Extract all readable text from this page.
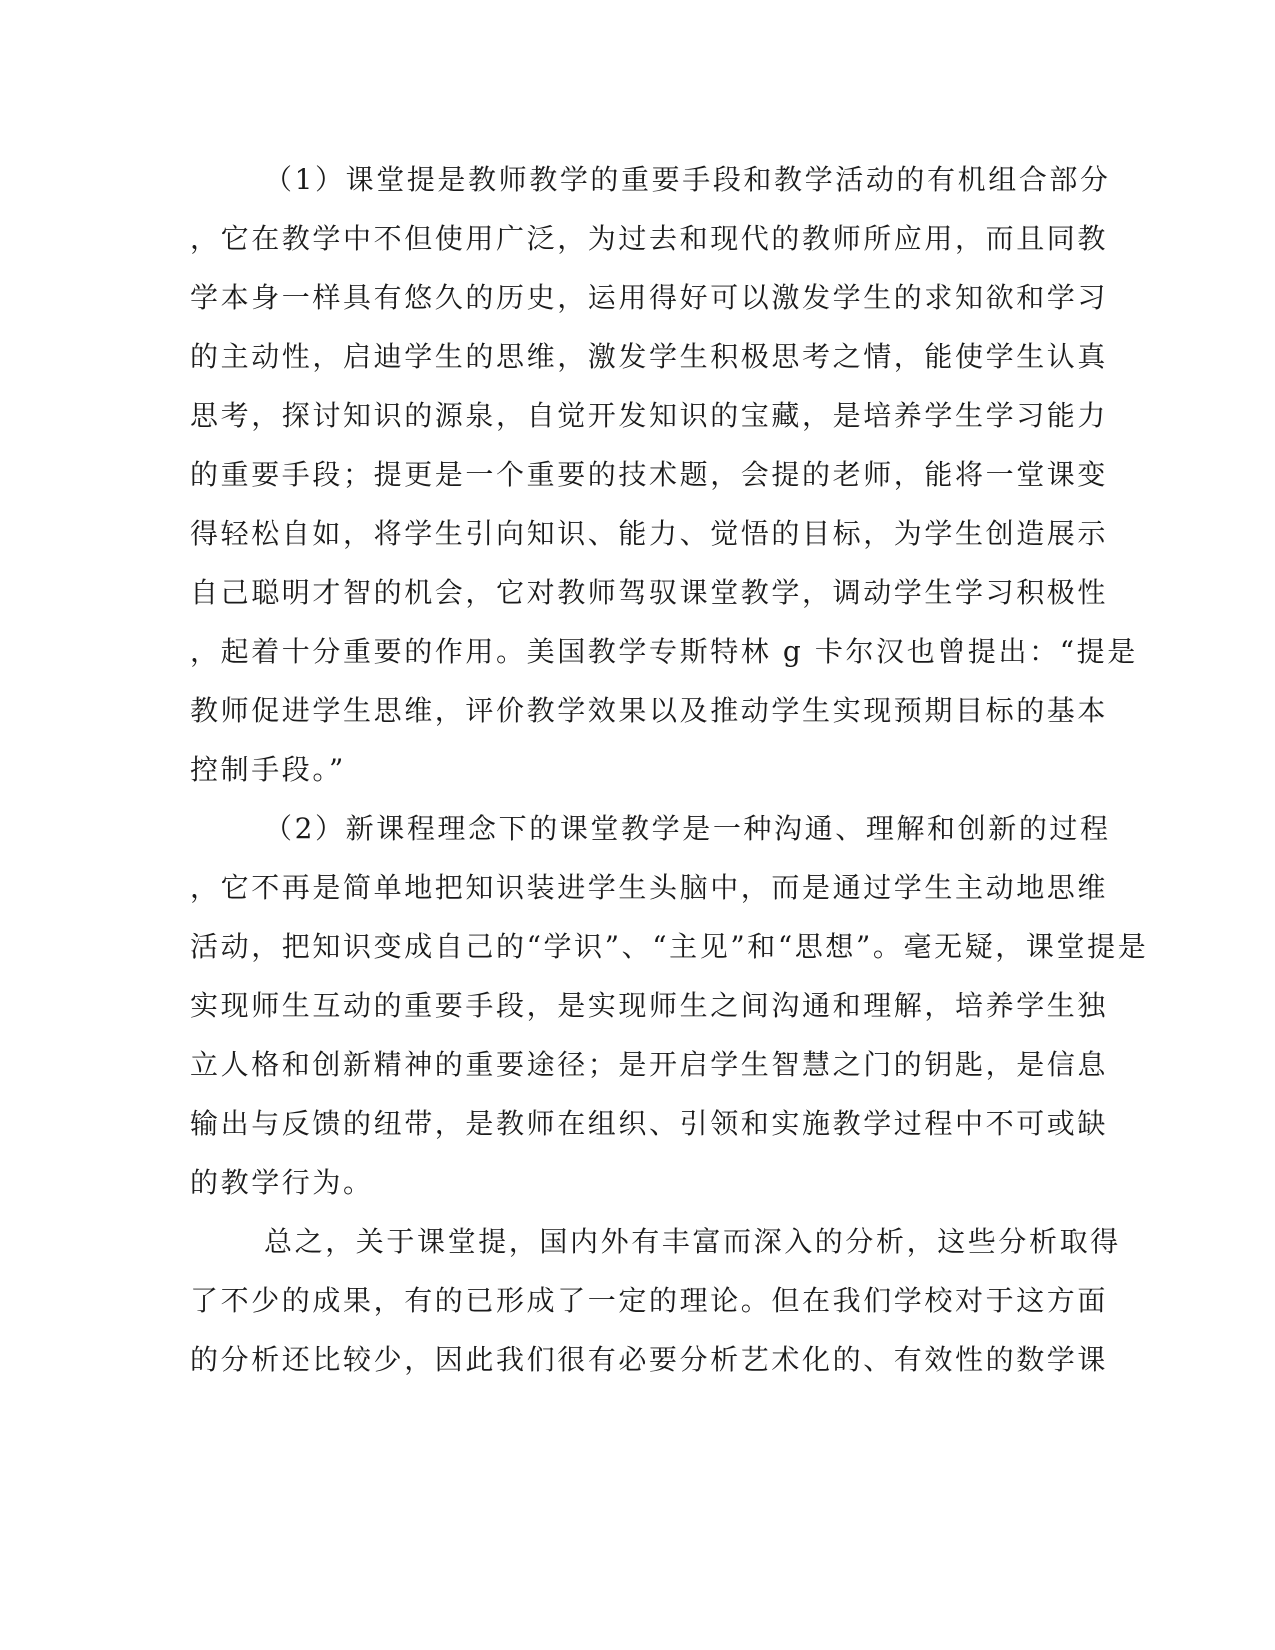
（1）课堂提是教师教学的重要手段和教学活动的有机组合部分
，它在教学中不但使用广泛，为过去和现代的教师所应用，而且同教
学本身一样具有悠久的历史，运用得好可以激发学生的求知欲和学习
的主动性，启迪学生的思维，激发学生积极思考之情，能使学生认真
思考，探讨知识的源泉，自觉开发知识的宝藏，是培养学生学习能力
的重要手段；提更是一个重要的技术题，会提的老师，能将一堂课变
得轻松自如，将学生引向知识、能力、觉悟的目标，为学生创造展示
自己聪明才智的机会，它对教师驾驭课堂教学，调动学生学习积极性
，起着十分重要的作用。美国教学专斯特林 g 卡尔汉也曾提出：“提是
教师促进学生思维，评价教学效果以及推动学生实现预期目标的基本
控制手段。”
（2）新课程理念下的课堂教学是一种沟通、理解和创新的过程
，它不再是简单地把知识装进学生头脑中，而是通过学生主动地思维
活动，把知识变成自己的“学识”、“主见”和“思想”。毫无疑，课堂提是
实现师生互动的重要手段，是实现师生之间沟通和理解，培养学生独
立人格和创新精神的重要途径；是开启学生智慧之门的钥匙，是信息
输出与反馈的纽带，是教师在组织、引领和实施教学过程中不可或缺
的教学行为。
总之，关于课堂提，国内外有丰富而深入的分析，这些分析取得
了不少的成果，有的已形成了一定的理论。但在我们学校对于这方面
的分析还比较少，因此我们很有必要分析艺术化的、有效性的数学课
